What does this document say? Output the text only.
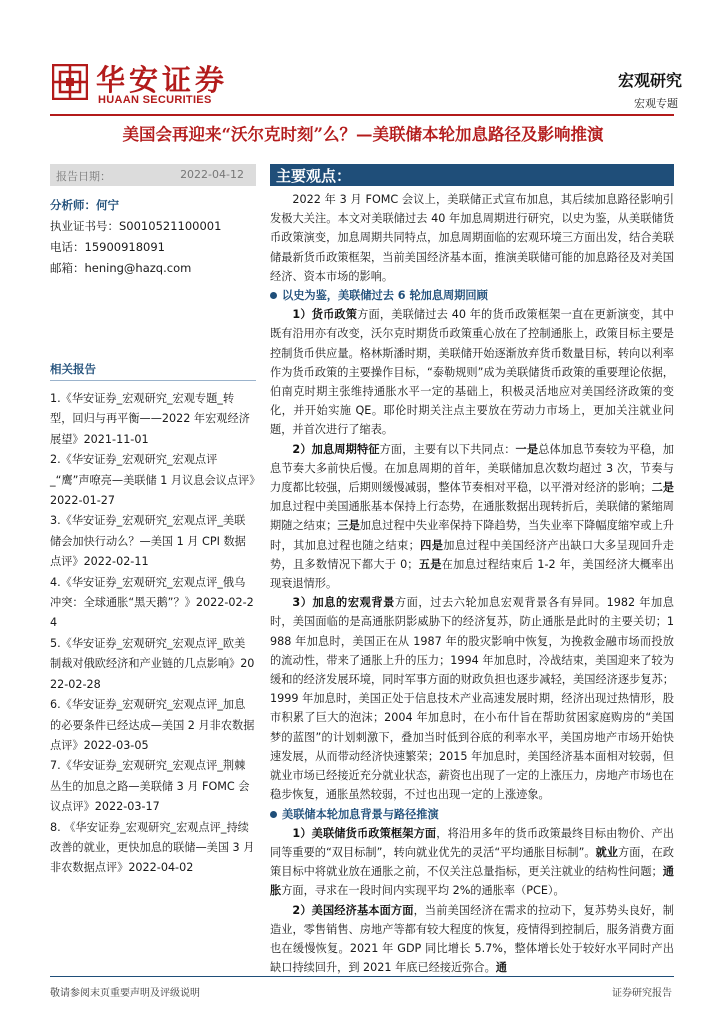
华安证券
HUAAN SECURITIES
宏观研究
宏观专题
美国会再迎来“沃尔克时刻”么？—美联储本轮加息路径及影响推演
报告日期：	2022-04-12
分析师：何宁
执业证书号：S0010521100001
电话：15900918091
邮箱：hening@hazq.com
相关报告
1.《华安证券_宏观研究_宏观专题_转型，回归与再平衡——2022 年宏观经济展望》2021-11-01
2.《华安证券_宏观研究_宏观点评_“鹰”声嘹亮—美联储 1 月议息会议点评》2022-01-27
3.《华安证券_宏观研究_宏观点评_美联储会加快行动么？—美国 1 月 CPI 数据点评》2022-02-11
4.《华安证券_宏观研究_宏观点评_俄乌冲突：全球通胀“黑天鹅”？》2022-02-24
5.《华安证券_宏观研究_宏观点评_欧美制裁对俄欧经济和产业链的几点影响》2022-02-28
6.《华安证券_宏观研究_宏观点评_加息的必要条件已经达成—美国 2 月非农数据点评》2022-03-05
7.《华安证券_宏观研究_宏观点评_荆棘丛生的加息之路—美联储 3 月 FOMC 会议点评》2022-03-17
8. 《华安证券_宏观研究_宏观点评_持续改善的就业，更快加息的联储—美国 3 月非农数据点评》2022-04-02
主要观点：

2022 年 3 月 FOMC 会议上，美联储正式宣布加息，其后续加息路径影响引发极大关注。本文对美联储过去 40 年加息周期进行研究，以史为鉴，从美联储货币政策演变，加息周期共同特点，加息周期面临的宏观环境三方面出发，结合美联储最新货币政策框架，当前美国经济基本面，推演美联储可能的加息路径及对美国经济、资本市场的影响。

以史为鉴，美联储过去 6 轮加息周期回顾

1）货币政策方面，美联储过去 40 年的货币政策框架一直在更新演变，其中既有沿用亦有改变，沃尔克时期货币政策重心放在了控制通胀上，政策目标主要是控制货币供应量。格林斯潘时期，美联储开始逐渐放弃货币数量目标，转向以利率作为货币政策的主要操作目标，“泰勒规则”成为美联储货币政策的重要理论依据，伯南克时期主张维持通胀水平一定的基础上，积极灵活地应对美国经济政策的变化，并开始实施 QE。耶伦时期关注点主要放在劳动力市场上，更加关注就业问题，并首次进行了缩表。

2）加息周期特征方面，主要有以下共同点：一是总体加息节奏较为平稳，加息节奏大多前快后慢。在加息周期的首年，美联储加息次数均超过 3 次，节奏与力度都比较强，后期则缓慢减弱，整体节奏相对平稳，以平滑对经济的影响；二是加息过程中美国通胀基本保持上行态势，在通胀数据出现转折后，美联储的紧缩周期随之结束；三是加息过程中失业率保持下降趋势，当失业率下降幅度缩窄或上升时，其加息过程也随之结束；四是加息过程中美国经济产出缺口大多呈现回升走势，且多数情况下都大于 0；五是在加息过程结束后 1-2 年，美国经济大概率出现衰退情形。

3）加息的宏观背景方面，过去六轮加息宏观背景各有异同。1982 年加息时，美国面临的是高通胀阴影威胁下的经济复苏，防止通胀是此时的主要关切；1988 年加息时，美国正在从 1987 年的股灾影响中恢复，为挽救金融市场而投放的流动性，带来了通胀上升的压力；1994 年加息时，冷战结束，美国迎来了较为缓和的经济发展环境，同时军事方面的财政负担也逐步减轻，美国经济逐步复苏；1999 年加息时，美国正处于信息技术产业高速发展时期，经济出现过热情形，股市积累了巨大的泡沫；2004 年加息时，在小布什旨在帮助贫困家庭购房的“美国梦的蓝图”的计划刺激下，叠加当时低到谷底的利率水平，美国房地产市场开始快速发展，从而带动经济快速繁荣；2015 年加息时，美国经济基本面相对较弱，但就业市场已经接近充分就业状态，薪资也出现了一定的上涨压力，房地产市场也在稳步恢复，通胀虽然较弱，不过也出现一定的上涨迹象。

美联储本轮加息背景与路径推演

1）美联储货币政策框架方面，将沿用多年的货币政策最终目标由物价、产出同等重要的“双目标制”，转向就业优先的灵活“平均通胀目标制”。就业方面，在政策目标中将就业放在通胀之前，不仅关注总量指标，更关注就业的结构性问题；通胀方面，寻求在一段时间内实现平均 2%的通胀率（PCE）。

2）美国经济基本面方面，当前美国经济在需求的拉动下，复苏势头良好，制造业，零售销售、房地产等都有较大程度的恢复，疫情得到控制后，服务消费方面也在缓慢恢复。2021 年 GDP 同比增长 5.7%，整体增长处于较好水平同时产出缺口持续回升，到 2021 年底已经接近弥合。通

敬请参阅末页重要声明及评级说明	证券研究报告
